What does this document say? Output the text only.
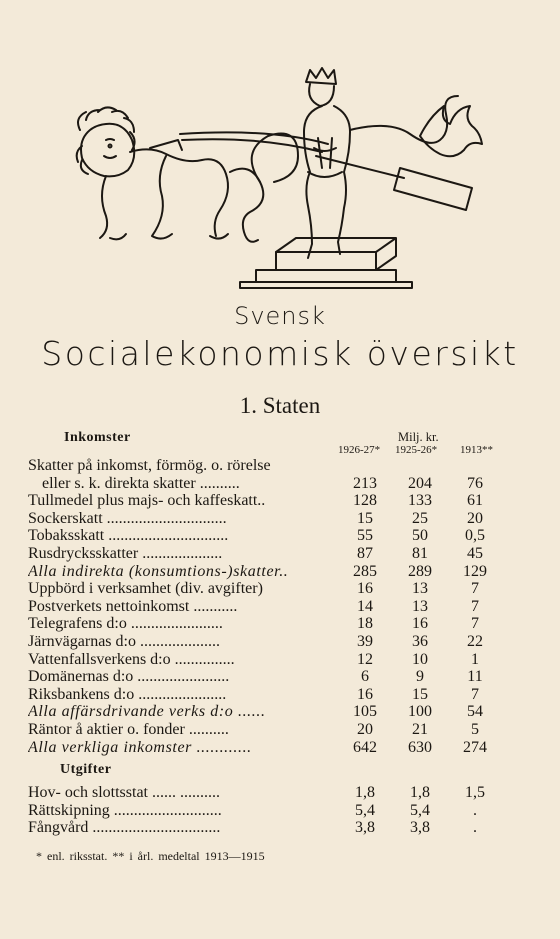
Svensk
Socialekonomisk översikt
1. Staten
Inkomster	Milj. kr.
1926-27* 1925-26* 1913**
Skatter på inkomst, förmög. o. rörelse
eller s. k. direkta skatter ..........	213	204	76
Tullmedel plus majs- och kaffeskatt..	128	133	61
Sockerskatt ..............................	15	25	20
Tobaksskatt ..............................	55	50	0,5
Rusdrycksskatter ....................	87	81	45
Alla indirekta (konsumtions-)skatter..	285	289	129
Uppbörd i verksamhet (div. avgifter)	16	13	7
Postverkets nettoinkomst ...........	14	13	7
Telegrafens d:o .......................	18	16	7
Järnvägarnas d:o ....................	39	36	22
Vattenfallsverkens d:o ...............	12	10	1
Domänernas d:o .......................	6	9	11
Riksbankens d:o ......................	16	15	7
Alla affärsdrivande verks d:o ......	105	100	54
Räntor å aktier o. fonder ..........	20	21	5
Alla verkliga inkomster ............	642	630	274
Utgifter
Hov- och slottsstat ...... ..........	1,8	1,8	1,5
Rättskipning ...........................	5,4	5,4	.
Fångvård ................................	3,8	3,8	.
* enl. riksstat. ** i årl. medeltal 1913—1915
